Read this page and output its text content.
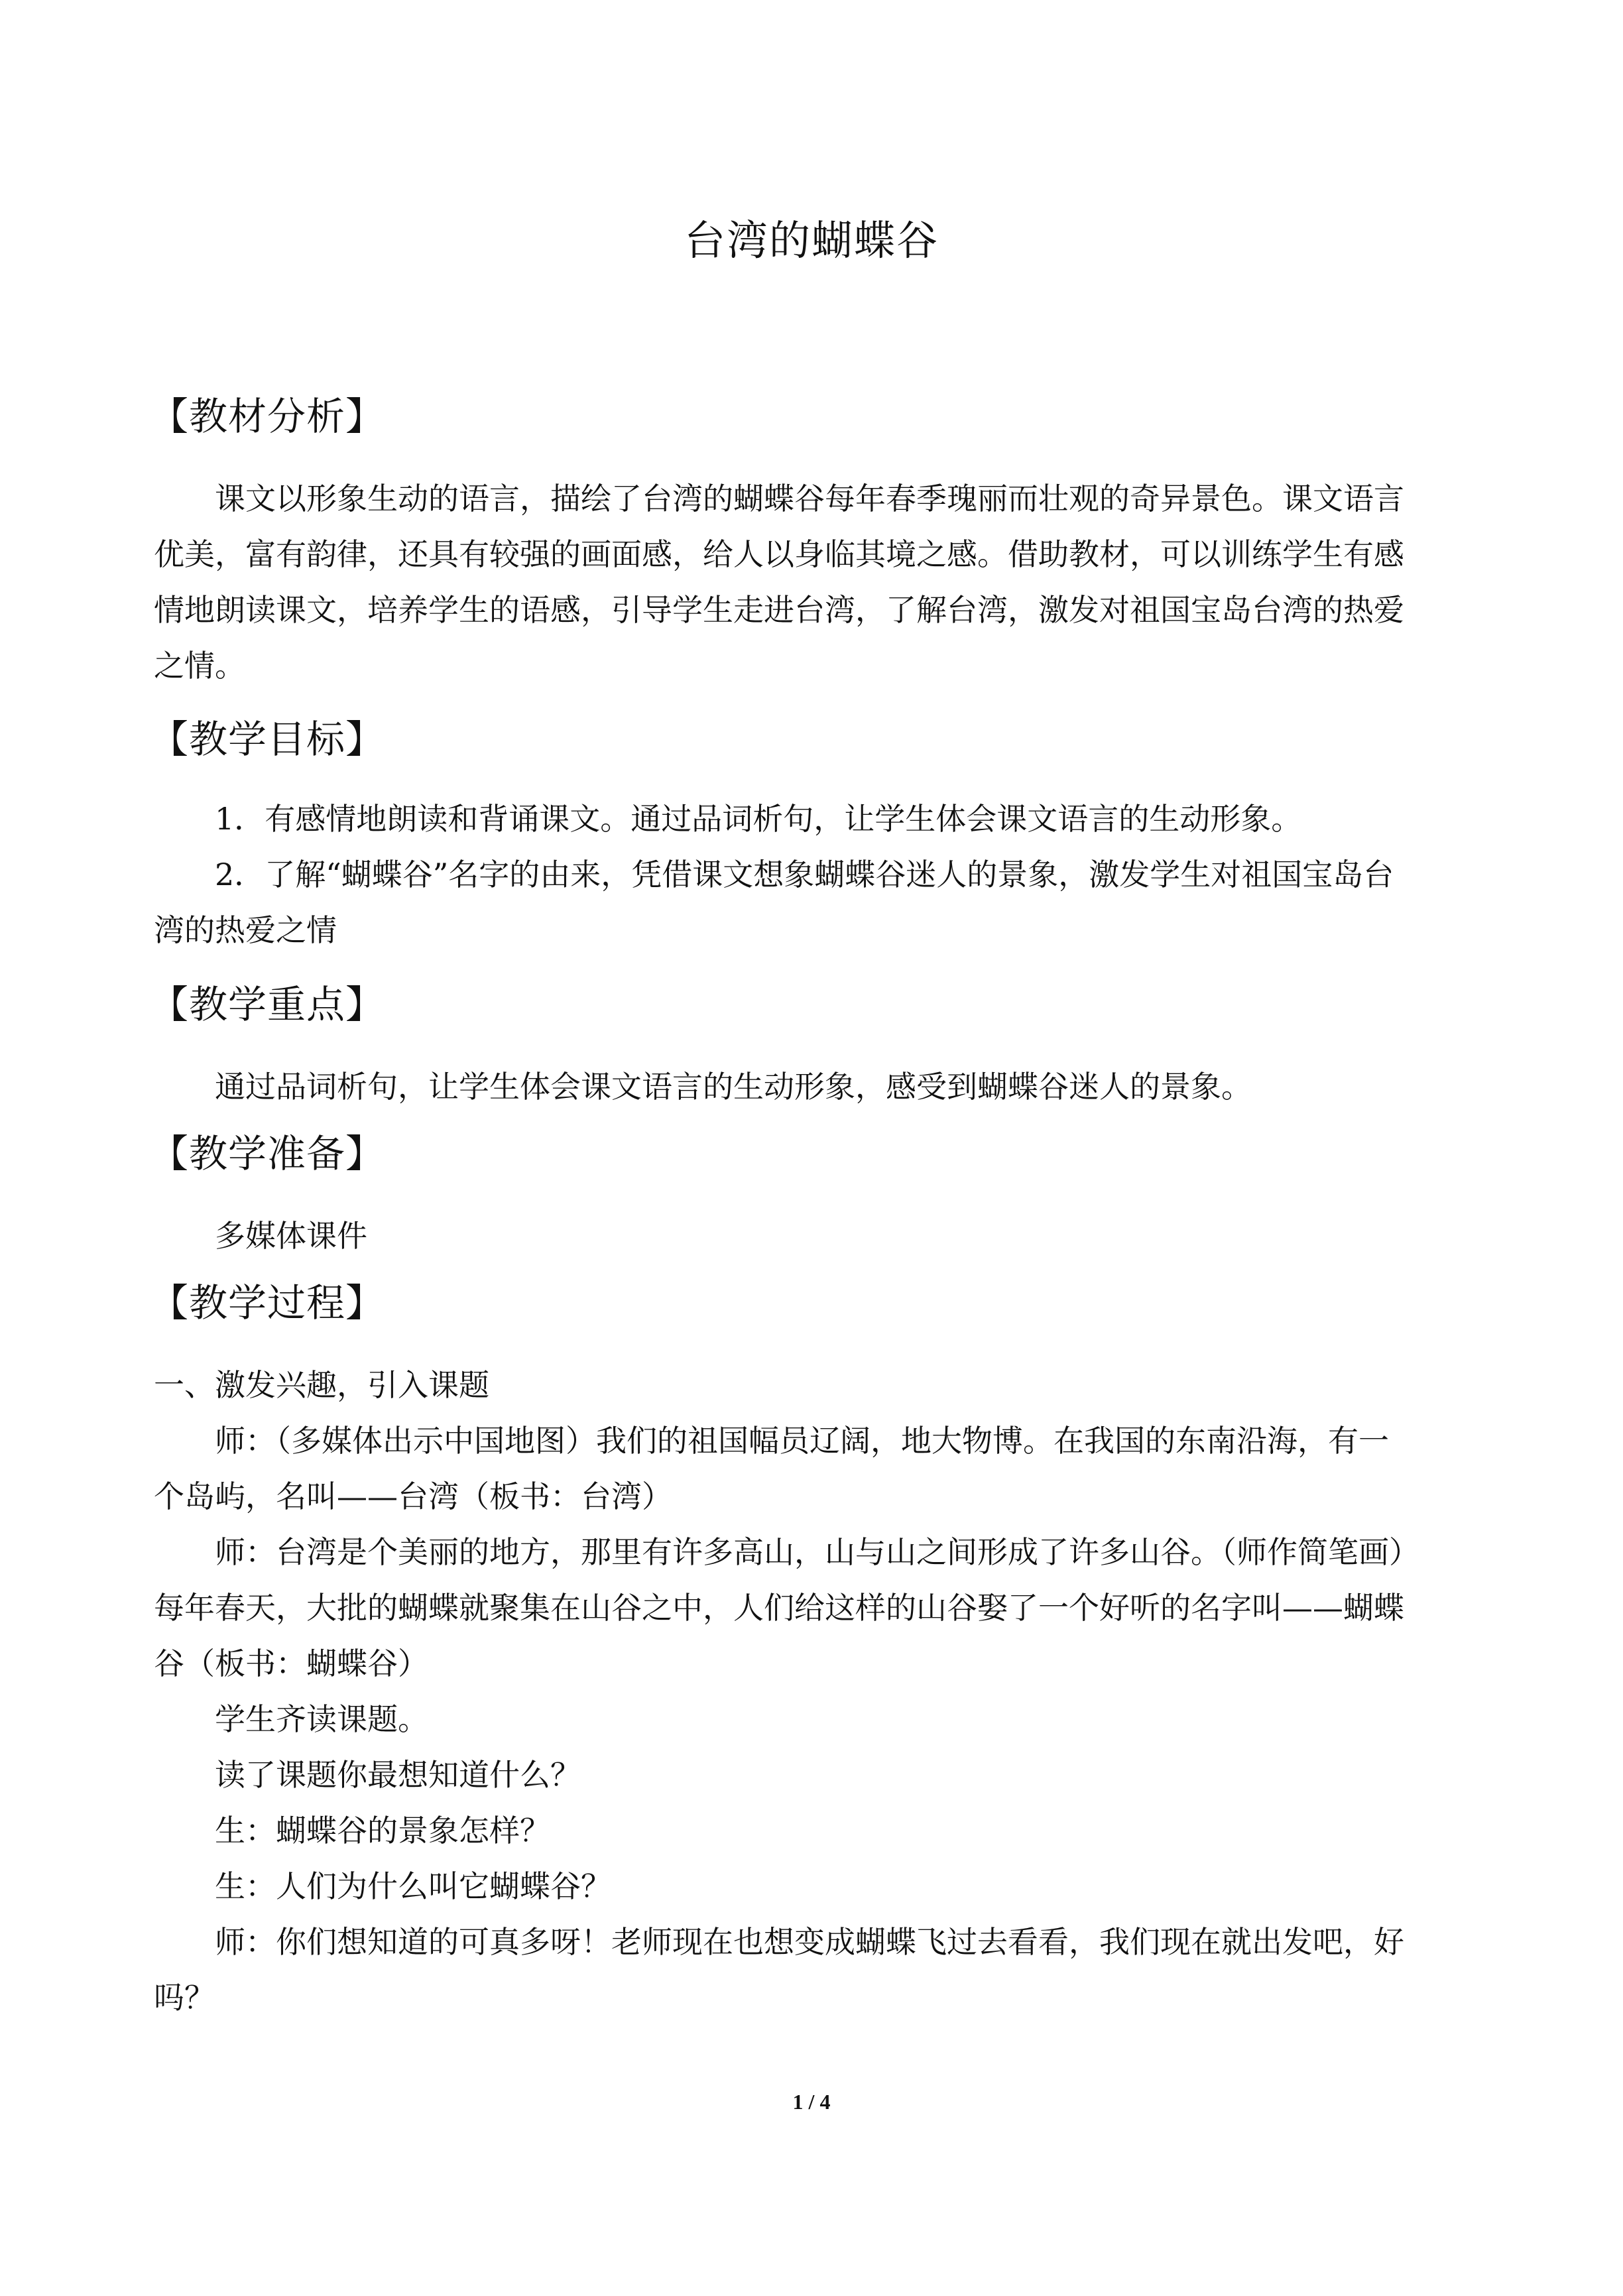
台湾的蝴蝶谷
【教材分析】
课文以形象生动的语言，描绘了台湾的蝴蝶谷每年春季瑰丽而壮观的奇异景色。课文语言
优美，富有韵律，还具有较强的画面感，给人以身临其境之感。借助教材，可以训练学生有感
情地朗读课文，培养学生的语感，引导学生走进台湾，了解台湾，激发对祖国宝岛台湾的热爱
之情。
【教学目标】
1．有感情地朗读和背诵课文。通过品词析句，让学生体会课文语言的生动形象。
2．了解“蝴蝶谷”名字的由来，凭借课文想象蝴蝶谷迷人的景象，激发学生对祖国宝岛台
湾的热爱之情
【教学重点】
通过品词析句，让学生体会课文语言的生动形象，感受到蝴蝶谷迷人的景象。
【教学准备】
多媒体课件
【教学过程】
一、激发兴趣，引入课题
师：（多媒体出示中国地图）我们的祖国幅员辽阔，地大物博。在我国的东南沿海，有一
个岛屿，名叫——台湾（板书：台湾）
师：台湾是个美丽的地方，那里有许多高山，山与山之间形成了许多山谷。（师作简笔画）
每年春天，大批的蝴蝶就聚集在山谷之中，人们给这样的山谷娶了一个好听的名字叫——蝴蝶
谷（板书：蝴蝶谷）
学生齐读课题。
读了课题你最想知道什么？
生：蝴蝶谷的景象怎样？
生：人们为什么叫它蝴蝶谷？
师：你们想知道的可真多呀！老师现在也想变成蝴蝶飞过去看看，我们现在就出发吧，好
吗？
1 / 4
